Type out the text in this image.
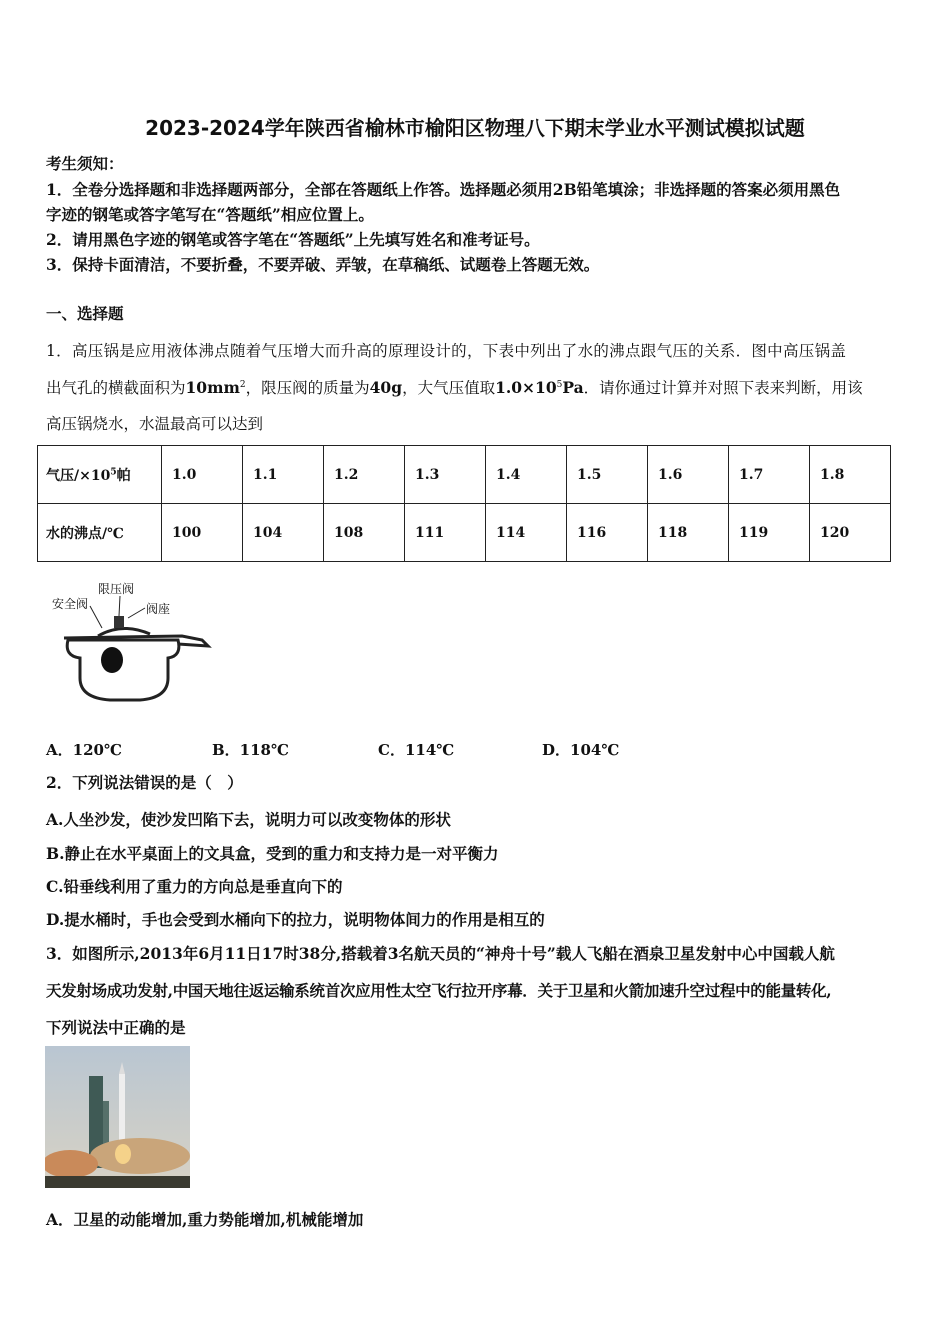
2023-2024学年陕西省榆林市榆阳区物理八下期末学业水平测试模拟试题
考生须知：
1．全卷分选择题和非选择题两部分，全部在答题纸上作答。选择题必须用2B铅笔填涂；非选择题的答案必须用黑色
字迹的钢笔或答字笔写在“答题纸”相应位置上。
2．请用黑色字迹的钢笔或答字笔在“答题纸”上先填写姓名和准考证号。
3．保持卡面清洁，不要折叠，不要弄破、弄皱，在草稿纸、试题卷上答题无效。
一、选择题
1．高压锅是应用液体沸点随着气压增大而升高的原理设计的，下表中列出了水的沸点跟气压的关系．图中高压锅盖
出气孔的横截面积为$10mm^2$，限压阀的质量为40g，大气压值取$1.0\times 10^5Pa$．请你通过计算并对照下表来判断，用该
高压锅烧水，水温最高可以达到
气压$/\times 10^5$帕	1.0	1.1	1.2	1.3	1.4	1.5	1.6	1.7	1.8
水的沸点/℃	100	104	108	111	114	116	118	119	120
安全阀
限压阀
阀座
A．120℃	B．118℃	C．114℃	D．104℃
2．下列说法错误的是（　）
A.人坐沙发，使沙发凹陷下去，说明力可以改变物体的形状
B.静止在水平桌面上的文具盒，受到的重力和支持力是一对平衡力
C.铅垂线利用了重力的方向总是垂直向下的
D.提水桶时，手也会受到水桶向下的拉力，说明物体间力的作用是相互的
3．如图所示,2013年6月11日17时38分,搭载着3名航天员的“神舟十号”载人飞船在酒泉卫星发射中心中国载人航
天发射场成功发射,中国天地往返运输系统首次应用性太空飞行拉开序幕．关于卫星和火箭加速升空过程中的能量转化,
下列说法中正确的是
A．卫星的动能增加,重力势能增加,机械能增加
